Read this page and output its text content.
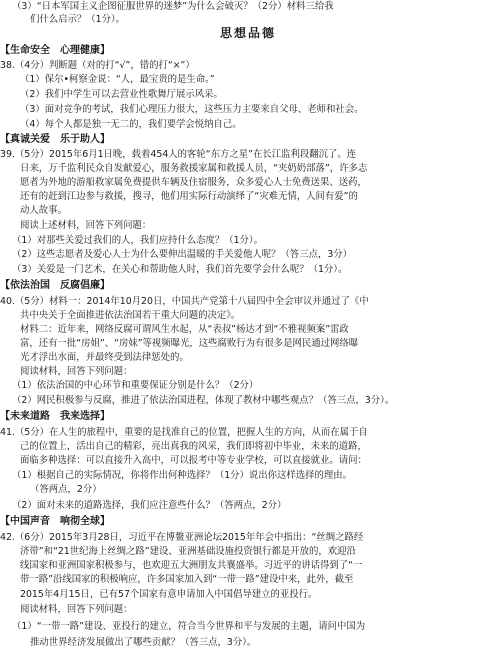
（3）“日本军国主义企图征服世界的迷梦”为什么会破灭？（2分）材料三给我
们什么启示？（1分）。
思想品德
【生命安全　心理健康】
38.（4分）判断题（对的打“√”，错的打“×”）
（1）保尔•柯察金说：“人，最宝贵的是生命。”
（2）我们中学生可以去营业性歌舞厅展示风采。
（3）面对竞争的考试，我们心理压力很大，这些压力主要来自父母、老师和社会。
（4）每个人都是独一无二的，我们要学会悦纳自己。
【真诚关爱　乐于助人】
39.（5分）2015年6月1日晚，载着454人的客轮“东方之星”在长江监利段翻沉了。连
日来，万千监利民众自发献爱心，服务救援家属和救援人员，“夹奶奶部落”，许多志
愿者为外地的游船救家属免费提供车辆及住宿服务，众多爱心人士免费送果、送药，
还有的赶到江边参与救援，搜寻，他们用实际行动演绎了“灾难无情，人间有爱”的
动人故事。
阅读上述材料，回答下列问题：
（1）对那些关爱过我们的人，我们应持什么态度？（1分）。
（2）这些志愿者及爱心人士为什么要伸出温暖的手关爱他人呢？（答三点，3分）
（3）关爱是一门艺术，在关心和帮助他人时，我们首先要学会什么呢？（1分）。
【依法治国　反腐倡廉】
40.（5分）材料一：2014年10月20日，中国共产党第十八届四中全会审议并通过了《中
共中央关于全面推进依法治国若干重大问题的决定》。
材料二：近年来，网络反腐可谓风生水起，从“表叔”杨达才到“不雅视频案”雷政
富，还有一批“房姐”、“房妹”等视频曝光，这些腐败行为有很多是网民通过网络曝
光才浮出水面，并最终受到法律惩处的。
阅读材料，回答下列问题：
（1）依法治国的中心环节和重要保证分别是什么？（2分）
（2）网民积极参与反腐，推进了依法治国进程，体现了教材中哪些观点？（答三点，3分）。
【未来道路　我来选择】
41.（5分）在人生的旅程中，重要的是找准自己的位置，把握人生的方向，从而在属于自
己的位置上，活出自己的精彩，亮出真我的风采，我们即将初中毕业，未来的道路，
面临多种选择：可以直接升入高中，可以报考中等专业学校，可以直接就业。请问：
（1）根据自己的实际情况，你将作出何种选择？（1分）说出你这样选择的理由。
（答两点，2分）
（2）面对未来的道路选择，我们应注意些什么？（答两点，2分）
【中国声音　响彻全球】
42.（6分）2015年3月28日，习近平在博鳌亚洲论坛2015年年会中指出：“丝绸之路经
济带”和“21世纪海上丝绸之路”建设、亚洲基础设施投资银行都是开放的，欢迎沿
线国家和亚洲国家积极参与，也欢迎五大洲朋友共襄盛举。习近平的讲话得到了“一
带一路”沿线国家的积极响应，许多国家加入到“一带一路”建设中来，此外，截至
2015年4月15日，已有57个国家有意申请加入中国倡导建立的亚投行。
阅读材料，回答下列问题：
（1）“一带一路”建设、亚投行的建立，符合当今世界和平与发展的主题，请问中国为
推动世界经济发展做出了哪些贡献？（答三点，3分）。
